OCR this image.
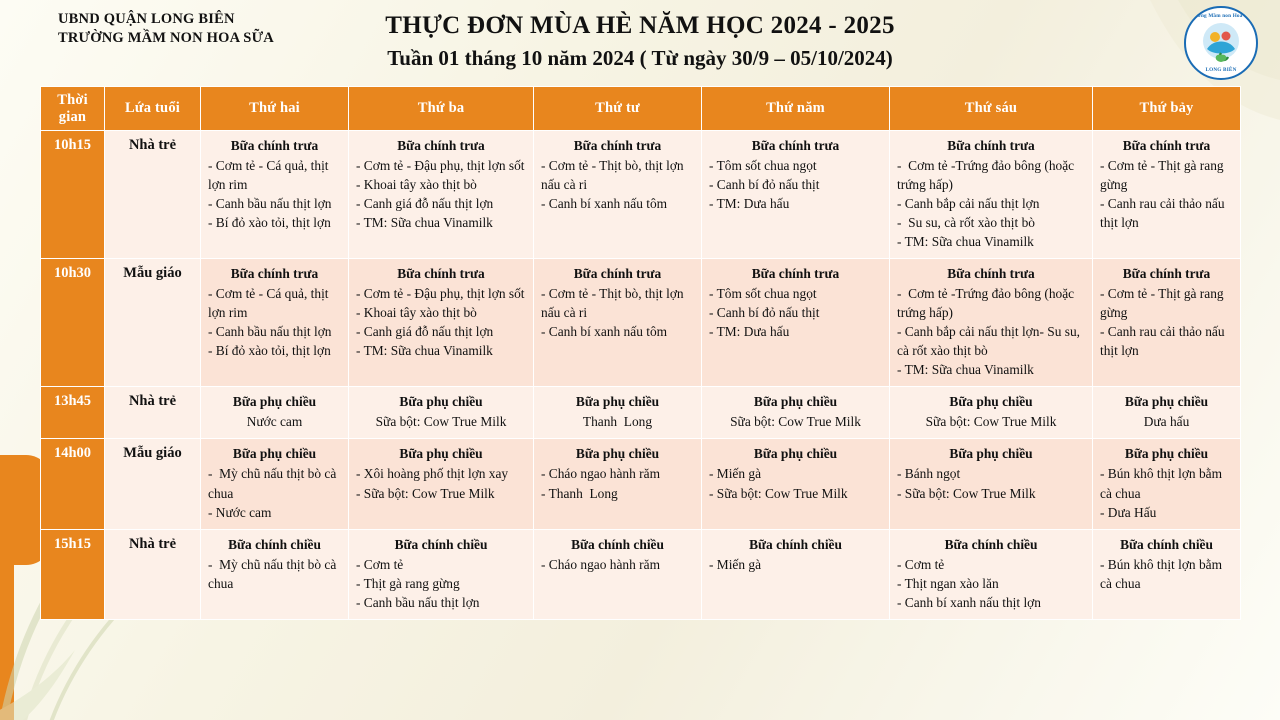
UBND QUẬN LONG BIÊN
TRƯỜNG MẦM NON HOA SỮA	THỰC ĐƠN MÙA HÈ NĂM HỌC 2024 - 2025
Tuần 01 tháng 10 năm 2024 ( Từ ngày 30/9 – 05/10/2024)
Trường Mầm non Hoa Sữa
LONG BIÊN
Thời gian	Lứa tuổi	Thứ hai	Thứ ba	Thứ tư	Thứ năm	Thứ sáu	Thứ bảy
10h15	Nhà trẻ	Bữa chính trưa
- Cơm tẻ - Cá quả, thịt lợn rim
- Canh bầu nấu thịt lợn
- Bí đỏ xào tỏi, thịt lợn	Bữa chính trưa
- Cơm tẻ - Đậu phụ, thịt lợn sốt
- Khoai tây xào thịt bò
- Canh giá đỗ nấu thịt lợn
- TM: Sữa chua Vinamilk	Bữa chính trưa
- Cơm tẻ - Thịt bò, thịt lợn nấu cà ri
- Canh bí xanh nấu tôm	Bữa chính trưa
- Tôm sốt chua ngọt
- Canh bí đỏ nấu thịt
- TM: Dưa hấu	Bữa chính trưa
-  Cơm tẻ -Trứng đảo bông (hoặc trứng hấp)
- Canh bắp cải nấu thịt lợn
-  Su su, cà rốt xào thịt bò
- TM: Sữa chua Vinamilk	Bữa chính trưa
- Cơm tẻ - Thịt gà rang gừng
- Canh rau cải thảo nấu thịt lợn

10h30	Mẫu giáo	Bữa chính trưa
- Cơm tẻ - Cá quả, thịt lợn rim
- Canh bầu nấu thịt lợn
- Bí đỏ xào tỏi, thịt lợn	Bữa chính trưa
- Cơm tẻ - Đậu phụ, thịt lợn sốt
- Khoai tây xào thịt bò
- Canh giá đỗ nấu thịt lợn
- TM: Sữa chua Vinamilk	Bữa chính trưa
- Cơm tẻ - Thịt bò, thịt lợn nấu cà ri
- Canh bí xanh nấu tôm	Bữa chính trưa
- Tôm sốt chua ngọt
- Canh bí đỏ nấu thịt
- TM: Dưa hấu	Bữa chính trưa
-  Cơm tẻ -Trứng đảo bông (hoặc trứng hấp)
- Canh bắp cải nấu thịt lợn- Su su, cà rốt xào thịt bò
- TM: Sữa chua Vinamilk	Bữa chính trưa
- Cơm tẻ - Thịt gà rang gừng
- Canh rau cải thảo nấu thịt lợn

13h45	Nhà trẻ	Bữa phụ chiều
Nước cam	Bữa phụ chiều
Sữa bột: Cow True Milk	Bữa phụ chiều
Thanh  Long	Bữa phụ chiều
Sữa bột: Cow True Milk	Bữa phụ chiều
Sữa bột: Cow True Milk	Bữa phụ chiều
Dưa hấu

14h00	Mẫu giáo	Bữa phụ chiều
-  Mỳ chũ nấu thịt bò cà chua
- Nước cam	Bữa phụ chiều
- Xôi hoàng phố thịt lợn xay
- Sữa bột: Cow True Milk	Bữa phụ chiều
- Cháo ngao hành răm
- Thanh  Long	Bữa phụ chiều
- Miến gà
- Sữa bột: Cow True Milk	Bữa phụ chiều
- Bánh ngọt
- Sữa bột: Cow True Milk	Bữa phụ chiều
- Bún khô thịt lợn bằm cà chua
- Dưa Hấu

15h15	Nhà trẻ	Bữa chính chiều
-  Mỳ chũ nấu thịt bò cà chua	Bữa chính chiều
- Cơm tẻ
- Thịt gà rang gừng
- Canh bầu nấu thịt lợn	Bữa chính chiều
- Cháo ngao hành răm	Bữa chính chiều
- Miến gà	Bữa chính chiều
- Cơm tẻ
- Thịt ngan xào lăn
- Canh bí xanh nấu thịt lợn	Bữa chính chiều
- Bún khô thịt lợn bằm cà chua
